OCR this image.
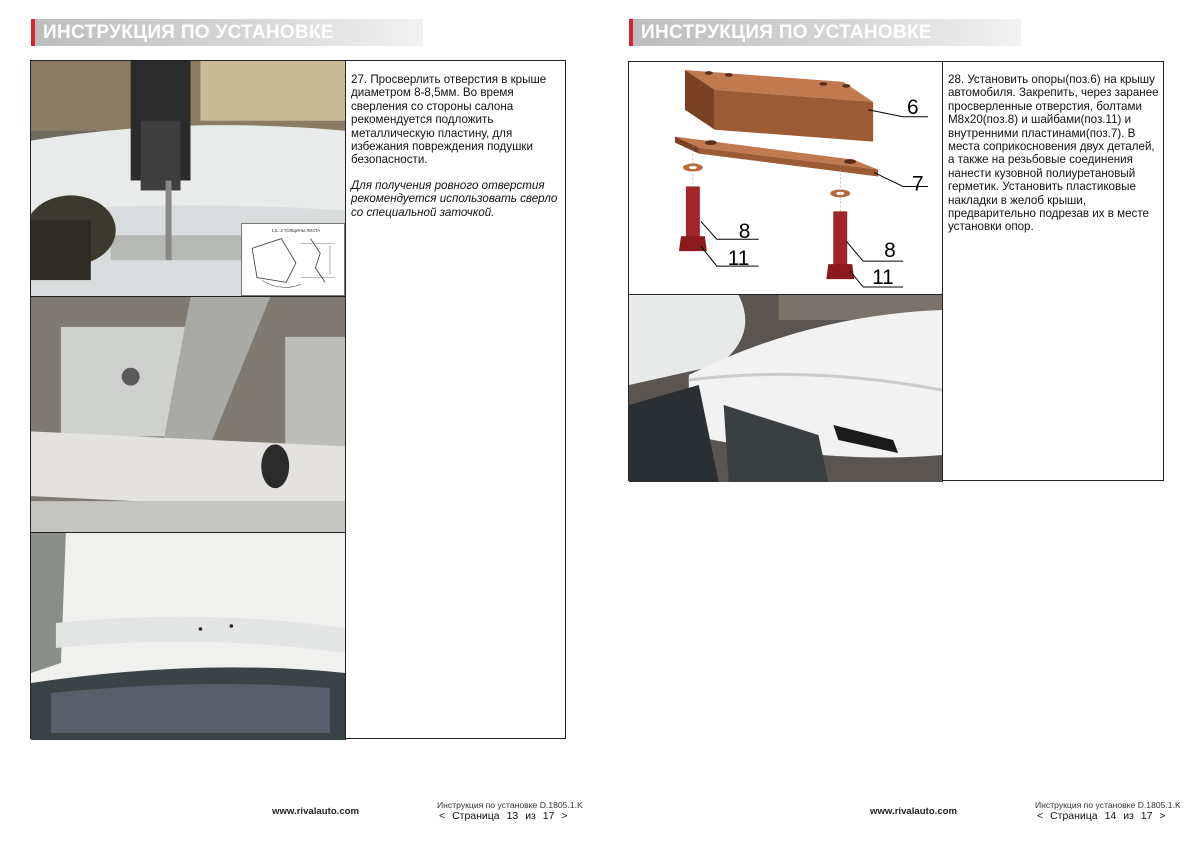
ИНСТРУКЦИЯ ПО УСТАНОВКЕ
1,5...2 ТОЛЩИНЫ ЛИСТА

27. Просверлить отверстия в крыше диаметром 8-8,5мм. Во время сверления со стороны салона рекомендуется подложить металлическую пластину, для избежания повреждения подушки безопасности.

Для получения ровного отверстия рекомендуется использовать сверло со специальной заточкой.

www.rivalauto.com
Инструкция по установке D.1805.1.K
< Страница 13 из 17 >
ИНСТРУКЦИЯ ПО УСТАНОВКЕ
6
7
8
11	8
11

28. Установить опоры(поз.6) на крышу автомобиля. Закрепить, через заранее просверленные отверстия, болтами М8х20(поз.8) и шайбами(поз.11) и внутренними пластинами(поз.7). В места соприкосновения двух деталей, а также на резьбовые соединения нанести кузовной полиуретановый герметик. Установить пластиковые накладки в желоб крыши, предварительно подрезав их в месте установки опор.

www.rivalauto.com
Инструкция по установке D.1805.1.K
< Страница 14 из 17 >
